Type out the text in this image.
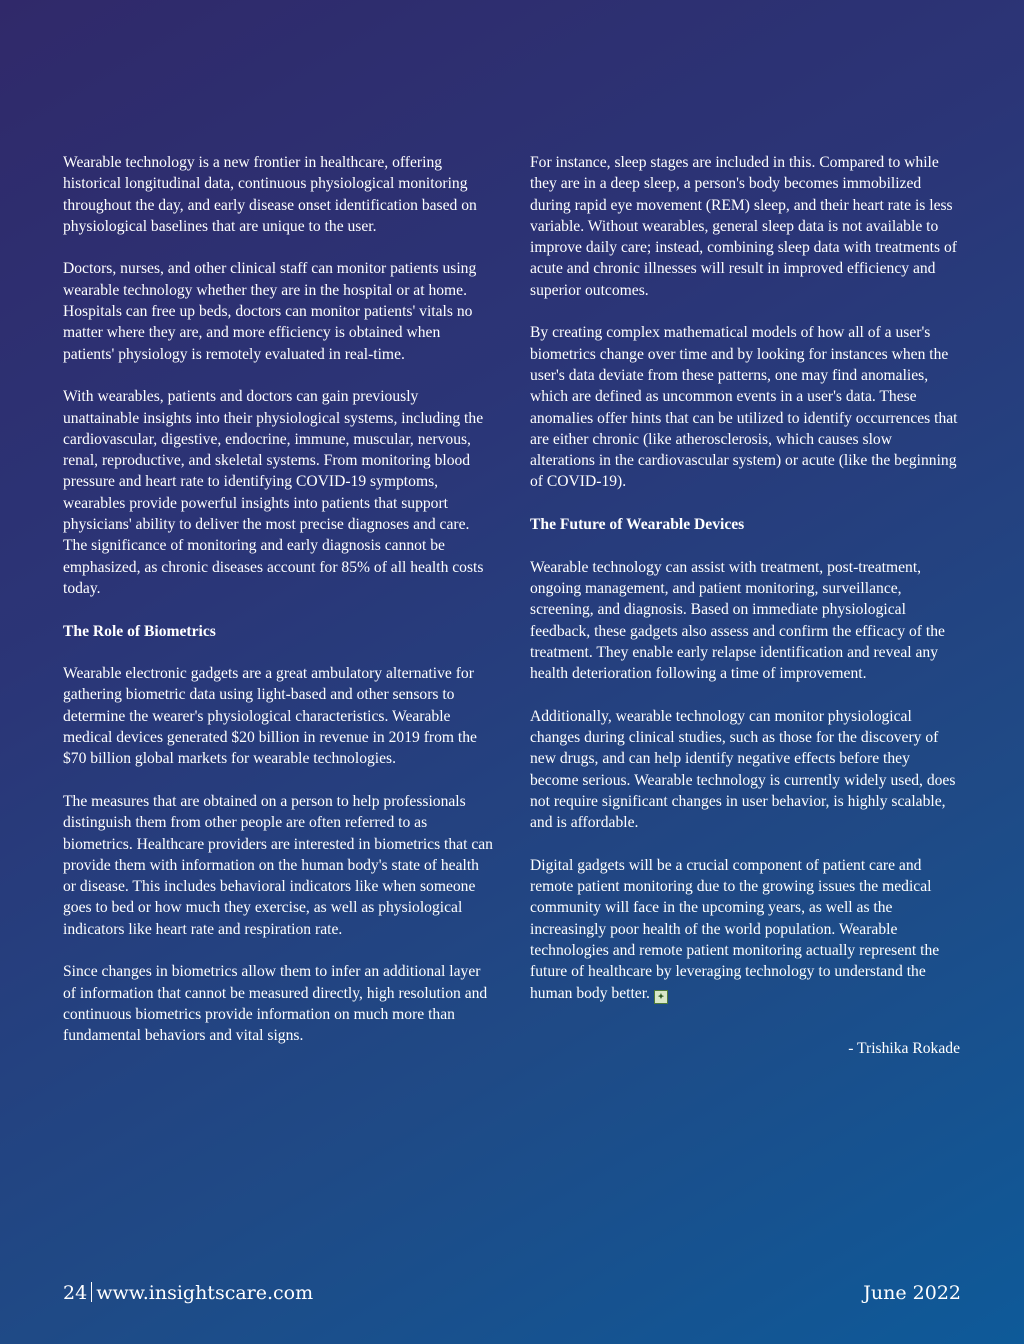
Wearable technology is a new frontier in healthcare, offering historical longitudinal data, continuous physiological monitoring throughout the day, and early disease onset identification based on physiological baselines that are unique to the user.

Doctors, nurses, and other clinical staff can monitor patients using wearable technology whether they are in the hospital or at home. Hospitals can free up beds, doctors can monitor patients' vitals no matter where they are, and more efficiency is obtained when patients' physiology is remotely evaluated in real-time.

With wearables, patients and doctors can gain previously unattainable insights into their physiological systems, including the cardiovascular, digestive, endocrine, immune, muscular, nervous, renal, reproductive, and skeletal systems. From monitoring blood pressure and heart rate to identifying COVID-19 symptoms, wearables provide powerful insights into patients that support physicians' ability to deliver the most precise diagnoses and care. The significance of monitoring and early diagnosis cannot be emphasized, as chronic diseases account for 85% of all health costs today.

The Role of Biometrics

Wearable electronic gadgets are a great ambulatory alternative for gathering biometric data using light-based and other sensors to determine the wearer's physiological characteristics. Wearable medical devices generated $20 billion in revenue in 2019 from the $70 billion global markets for wearable technologies.

The measures that are obtained on a person to help professionals distinguish them from other people are often referred to as biometrics. Healthcare providers are interested in biometrics that can provide them with information on the human body's state of health or disease. This includes behavioral indicators like when someone goes to bed or how much they exercise, as well as physiological indicators like heart rate and respiration rate.

Since changes in biometrics allow them to infer an additional layer of information that cannot be measured directly, high resolution and continuous biometrics provide information on much more than fundamental behaviors and vital signs.

For instance, sleep stages are included in this. Compared to while they are in a deep sleep, a person's body becomes immobilized during rapid eye movement (REM) sleep, and their heart rate is less variable. Without wearables, general sleep data is not available to improve daily care; instead, combining sleep data with treatments of acute and chronic illnesses will result in improved efficiency and superior outcomes.

By creating complex mathematical models of how all of a user's biometrics change over time and by looking for instances when the user's data deviate from these patterns, one may find anomalies, which are defined as uncommon events in a user's data. These anomalies offer hints that can be utilized to identify occurrences that are either chronic (like atherosclerosis, which causes slow alterations in the cardiovascular system) or acute (like the beginning of COVID-19).

The Future of Wearable Devices

Wearable technology can assist with treatment, post-treatment, ongoing management, and patient monitoring, surveillance, screening, and diagnosis. Based on immediate physiological feedback, these gadgets also assess and confirm the efficacy of the treatment. They enable early relapse identification and reveal any health deterioration following a time of improvement.

Additionally, wearable technology can monitor physiological changes during clinical studies, such as those for the discovery of new drugs, and can help identify negative effects before they become serious. Wearable technology is currently widely used, does not require significant changes in user behavior, is highly scalable, and is affordable.

Digital gadgets will be a crucial component of patient care and remote patient monitoring due to the growing issues the medical community will face in the upcoming years, as well as the increasingly poor health of the world population. Wearable technologies and remote patient monitoring actually represent the future of healthcare by leveraging technology to understand the human body better. ✦

- Trishika Rokade

24 www.insightscare.com	June 2022
